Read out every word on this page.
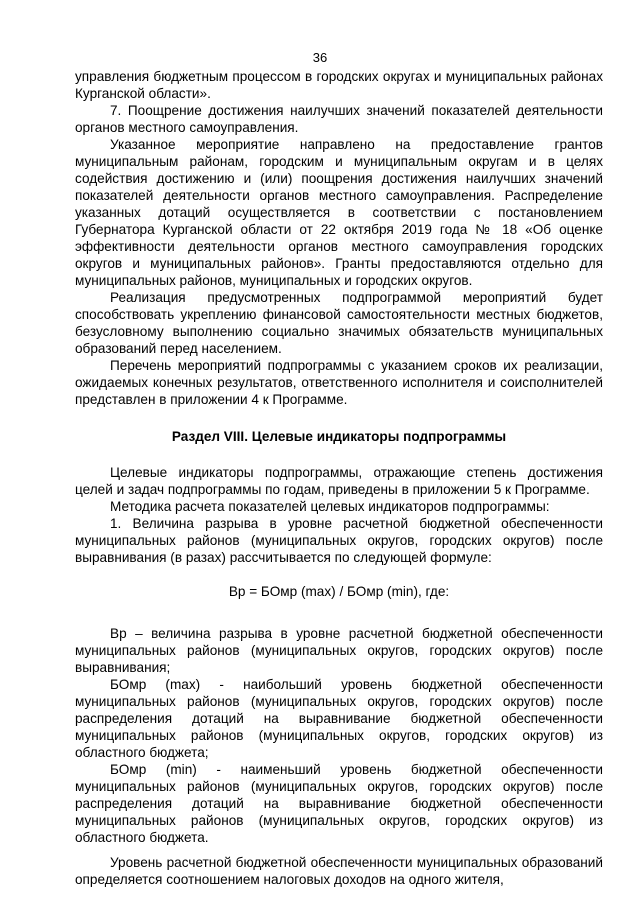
36

управления бюджетным процессом в городских округах и муниципальных районах Курганской области».

7. Поощрение достижения наилучших значений показателей деятельности органов местного самоуправления.

Указанное мероприятие направлено на предоставление грантов муниципальным районам, городским и муниципальным округам и в целях содействия достижению и (или) поощрения достижения наилучших значений показателей деятельности органов местного самоуправления. Распределение указанных дотаций осуществляется в соответствии с постановлением Губернатора Курганской области от 22 октября 2019 года № 18 «Об оценке эффективности деятельности органов местного самоуправления городских округов и муниципальных районов». Гранты предоставляются отдельно для муниципальных районов, муниципальных и городских округов.

Реализация предусмотренных подпрограммой мероприятий будет способствовать укреплению финансовой самостоятельности местных бюджетов, безусловному выполнению социально значимых обязательств муниципальных образований перед населением.

Перечень мероприятий подпрограммы с указанием сроков их реализации, ожидаемых конечных результатов, ответственного исполнителя и соисполнителей представлен в приложении 4 к Программе.

Раздел VIII. Целевые индикаторы подпрограммы

Целевые индикаторы подпрограммы, отражающие степень достижения целей и задач подпрограммы по годам, приведены в приложении 5 к Программе.

Методика расчета показателей целевых индикаторов подпрограммы:

1. Величина разрыва в уровне расчетной бюджетной обеспеченности муниципальных районов (муниципальных округов, городских округов) после выравнивания (в разах) рассчитывается по следующей формуле:

Вр = БОмр (max) / БОмр (min), где:

Вр – величина разрыва в уровне расчетной бюджетной обеспеченности муниципальных районов (муниципальных округов, городских округов) после выравнивания;

БОмр (max) - наибольший уровень бюджетной обеспеченности муниципальных районов (муниципальных округов, городских округов) после распределения дотаций на выравнивание бюджетной обеспеченности муниципальных районов (муниципальных округов, городских округов) из областного бюджета;

БОмр (min) - наименьший уровень бюджетной обеспеченности муниципальных районов (муниципальных округов, городских округов) после распределения дотаций на выравнивание бюджетной обеспеченности муниципальных районов (муниципальных округов, городских округов) из областного бюджета.

Уровень расчетной бюджетной обеспеченности муниципальных образований определяется соотношением налоговых доходов на одного жителя,
